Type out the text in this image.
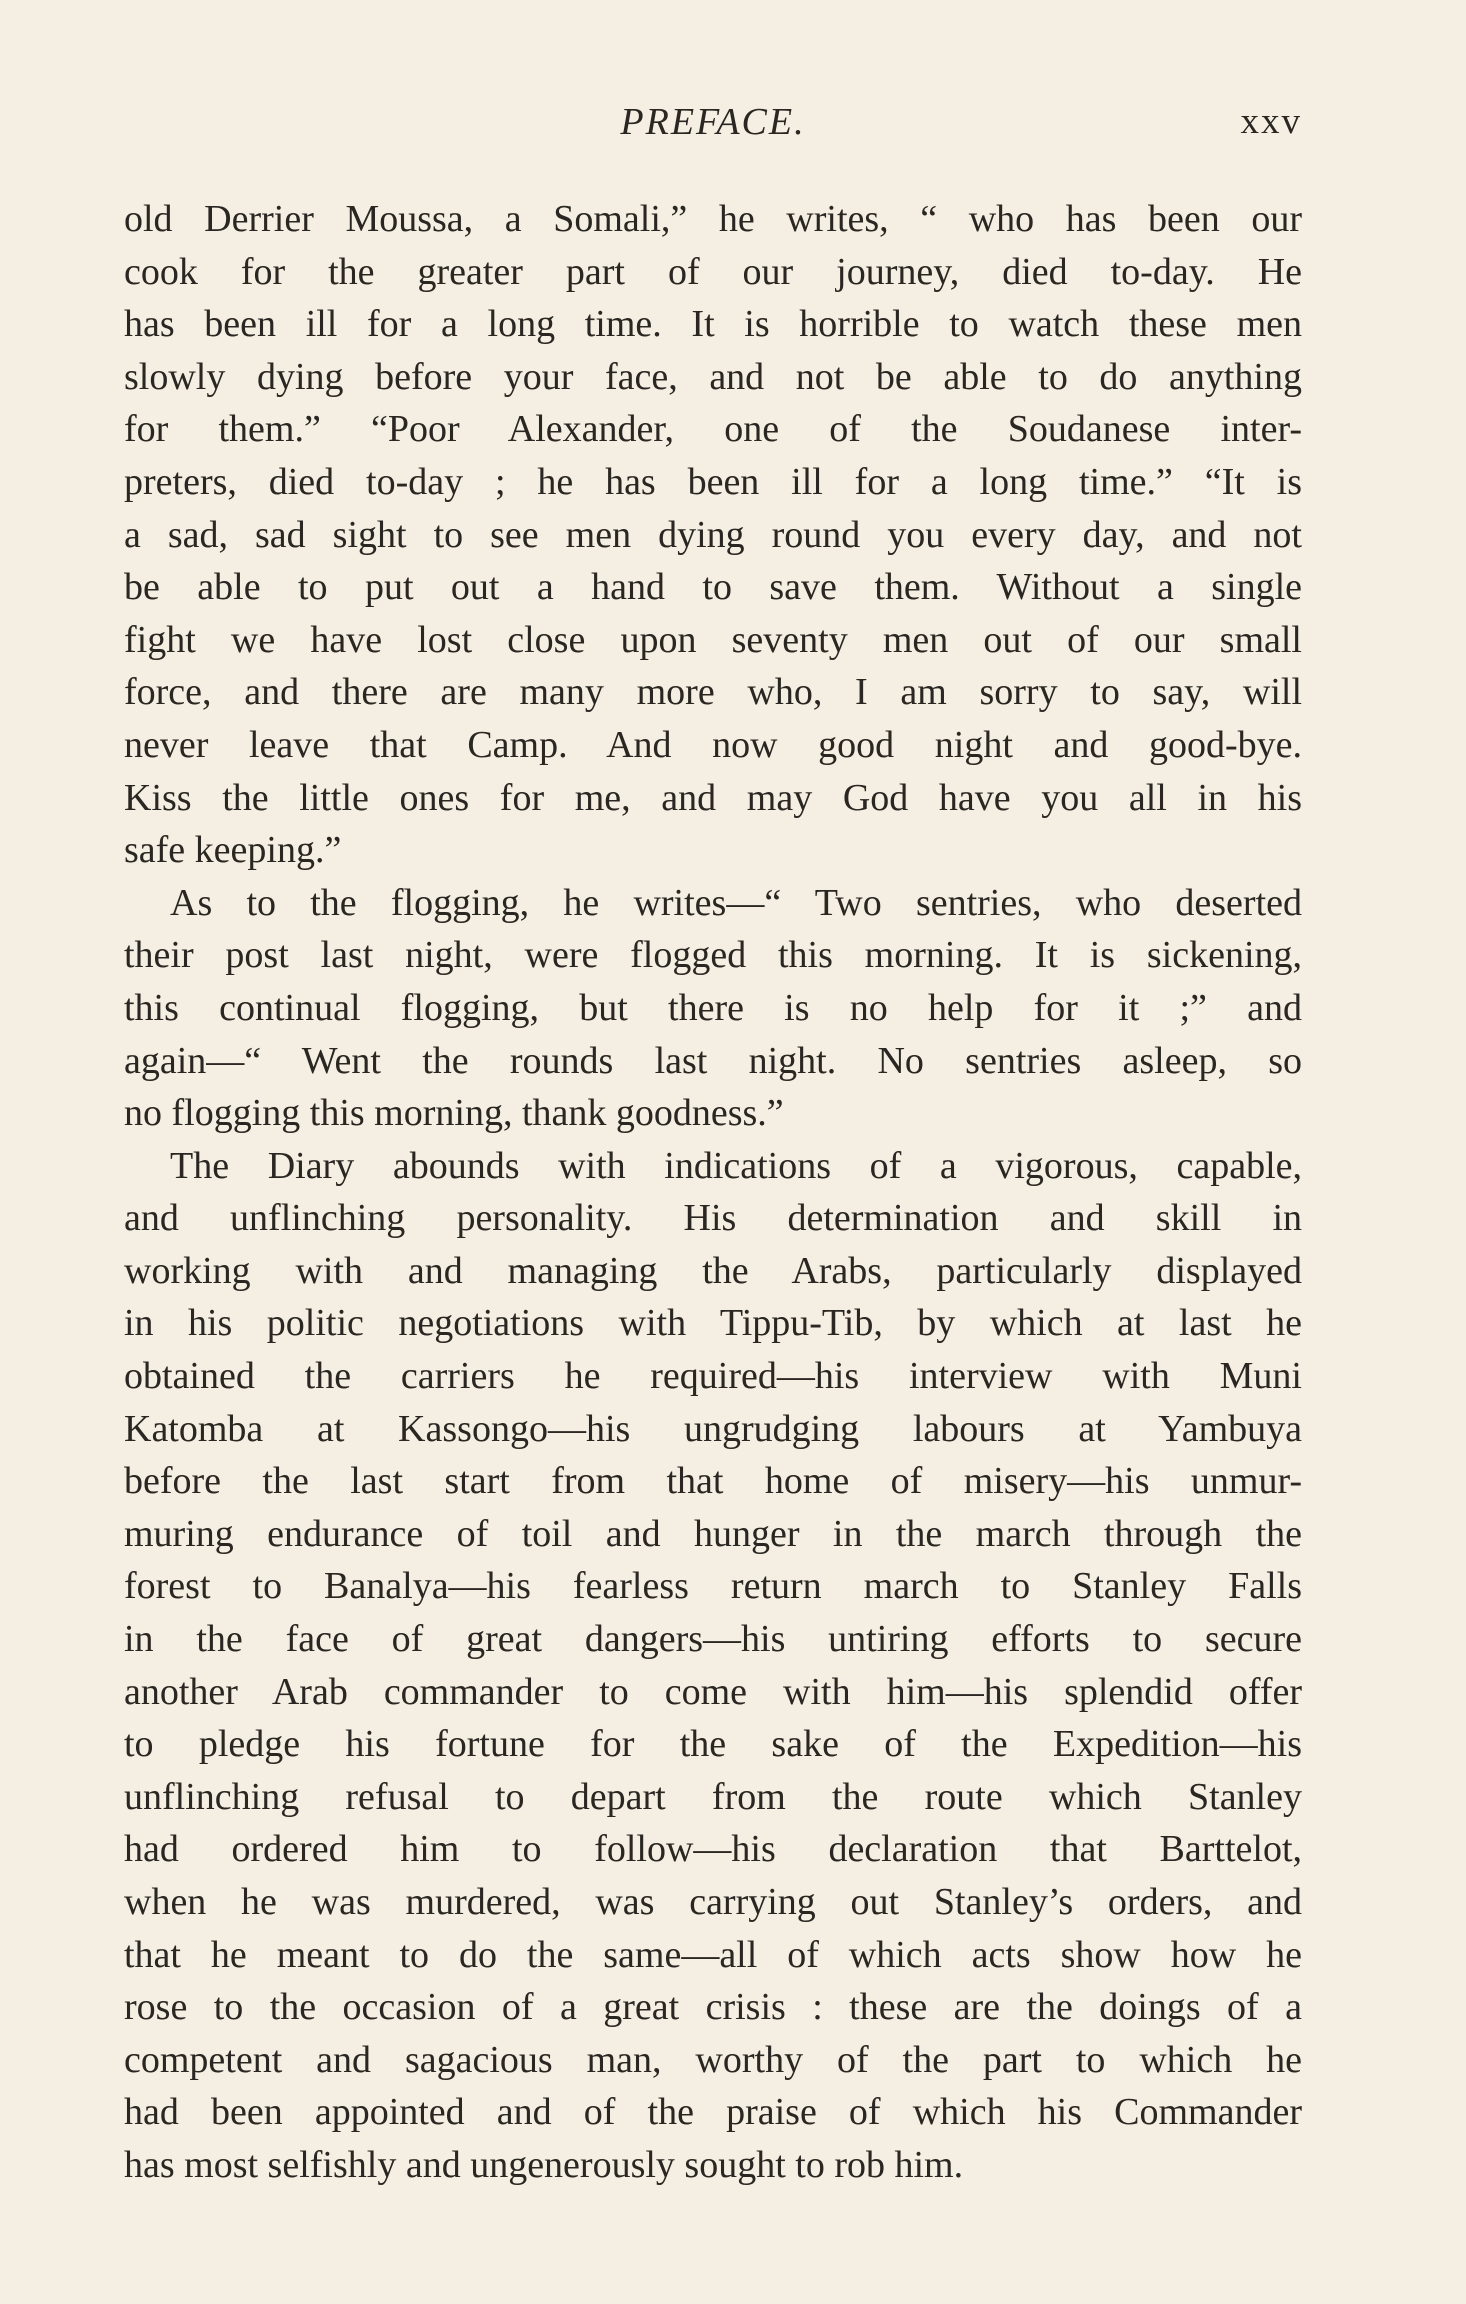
PREFACE.	xxv
old Derrier Moussa, a Somali,” he writes, “ who has been our
cook for the greater part of our journey, died to-day. He
has been ill for a long time. It is horrible to watch these men
slowly dying before your face, and not be able to do anything
for them.” “Poor Alexander, one of the Soudanese inter-
preters, died to-day ; he has been ill for a long time.” “It is
a sad, sad sight to see men dying round you every day, and not
be able to put out a hand to save them. Without a single
fight we have lost close upon seventy men out of our small
force, and there are many more who, I am sorry to say, will
never leave that Camp. And now good night and good-bye.
Kiss the little ones for me, and may God have you all in his
safe keeping.”
As to the flogging, he writes—“ Two sentries, who deserted
their post last night, were flogged this morning. It is sickening,
this continual flogging, but there is no help for it ;” and
again—“ Went the rounds last night. No sentries asleep, so
no flogging this morning, thank goodness.”
The Diary abounds with indications of a vigorous, capable,
and unflinching personality. His determination and skill in
working with and managing the Arabs, particularly displayed
in his politic negotiations with Tippu-Tib, by which at last he
obtained the carriers he required—his interview with Muni
Katomba at Kassongo—his ungrudging labours at Yambuya
before the last start from that home of misery—his unmur-
muring endurance of toil and hunger in the march through the
forest to Banalya—his fearless return march to Stanley Falls
in the face of great dangers—his untiring efforts to secure
another Arab commander to come with him—his splendid offer
to pledge his fortune for the sake of the Expedition—his
unflinching refusal to depart from the route which Stanley
had ordered him to follow—his declaration that Barttelot,
when he was murdered, was carrying out Stanley’s orders, and
that he meant to do the same—all of which acts show how he
rose to the occasion of a great crisis : these are the doings of a
competent and sagacious man, worthy of the part to which he
had been appointed and of the praise of which his Commander
has most selfishly and ungenerously sought to rob him.
